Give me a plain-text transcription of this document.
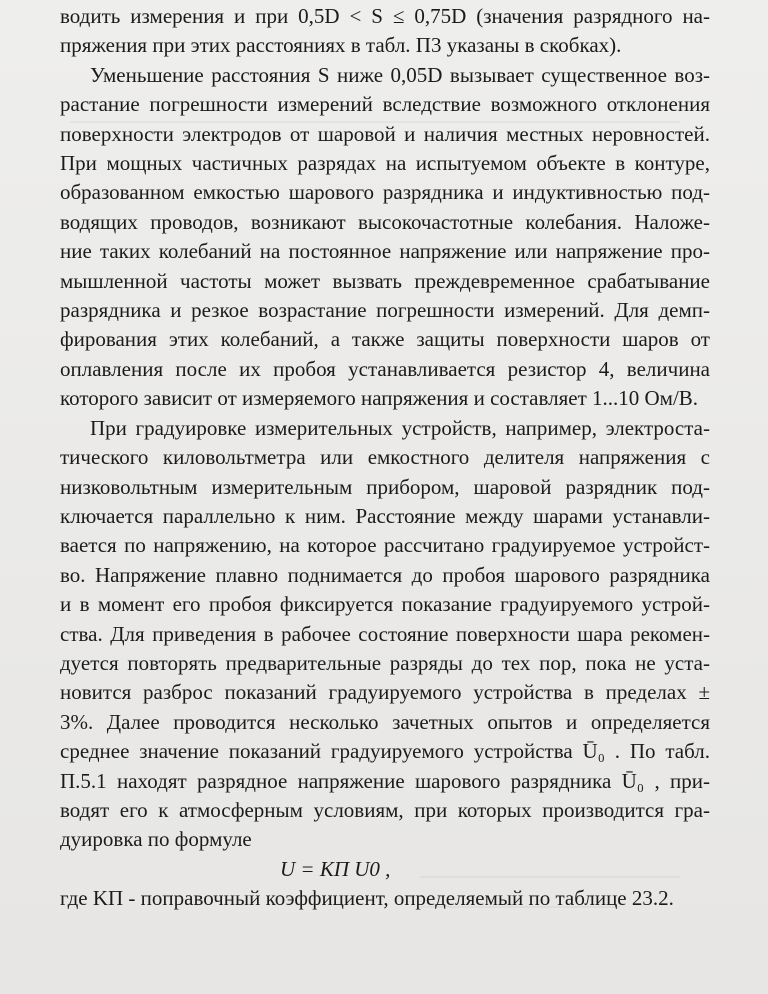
водить измерения и при 0,5D < S ≤ 0,75D (значения разрядного на-
пряжения при этих расстояниях в табл. П3 указаны в скобках).
Уменьшение расстояния S ниже 0,05D вызывает существенное воз-
растание погрешности измерений вследствие возможного отклонения
поверхности электродов от шаровой и наличия местных неровностей.
При мощных частичных разрядах на испытуемом объекте в контуре,
образованном емкостью шарового разрядника и индуктивностью под-
водящих проводов, возникают высокочастотные колебания. Наложе-
ние таких колебаний на постоянное напряжение или напряжение про-
мышленной частоты может вызвать преждевременное срабатывание
разрядника и резкое возрастание погрешности измерений. Для демп-
фирования этих колебаний, а также защиты поверхности шаров от
оплавления после их пробоя устанавливается резистор 4, величина
которого зависит от измеряемого напряжения и составляет 1...10 Ом/В.
При градуировке измерительных устройств, например, электроста-
тического киловольтметра или емкостного делителя напряжения с
низковольтным измерительным прибором, шаровой разрядник под-
ключается параллельно к ним. Расстояние между шарами устанавли-
вается по напряжению, на которое рассчитано градуируемое устройст-
во. Напряжение плавно поднимается до пробоя шарового разрядника
и в момент его пробоя фиксируется показание градуируемого устрой-
ства. Для приведения в рабочее состояние поверхности шара рекомен-
дуется повторять предварительные разряды до тех пор, пока не уста-
новится разброс показаний градуируемого устройства в пределах ±
3%. Далее проводится несколько зачетных опытов и определяется
среднее значение показаний градуируемого устройства Ū₀ . По табл.
П.5.1 находят разрядное напряжение шарового разрядника Ū₀ , при-
водят его к атмосферным условиям, при которых производится гра-
дуировка по формуле
U = KП U0 ,
где KП - поправочный коэффициент, определяемый по таблице 23.2.
